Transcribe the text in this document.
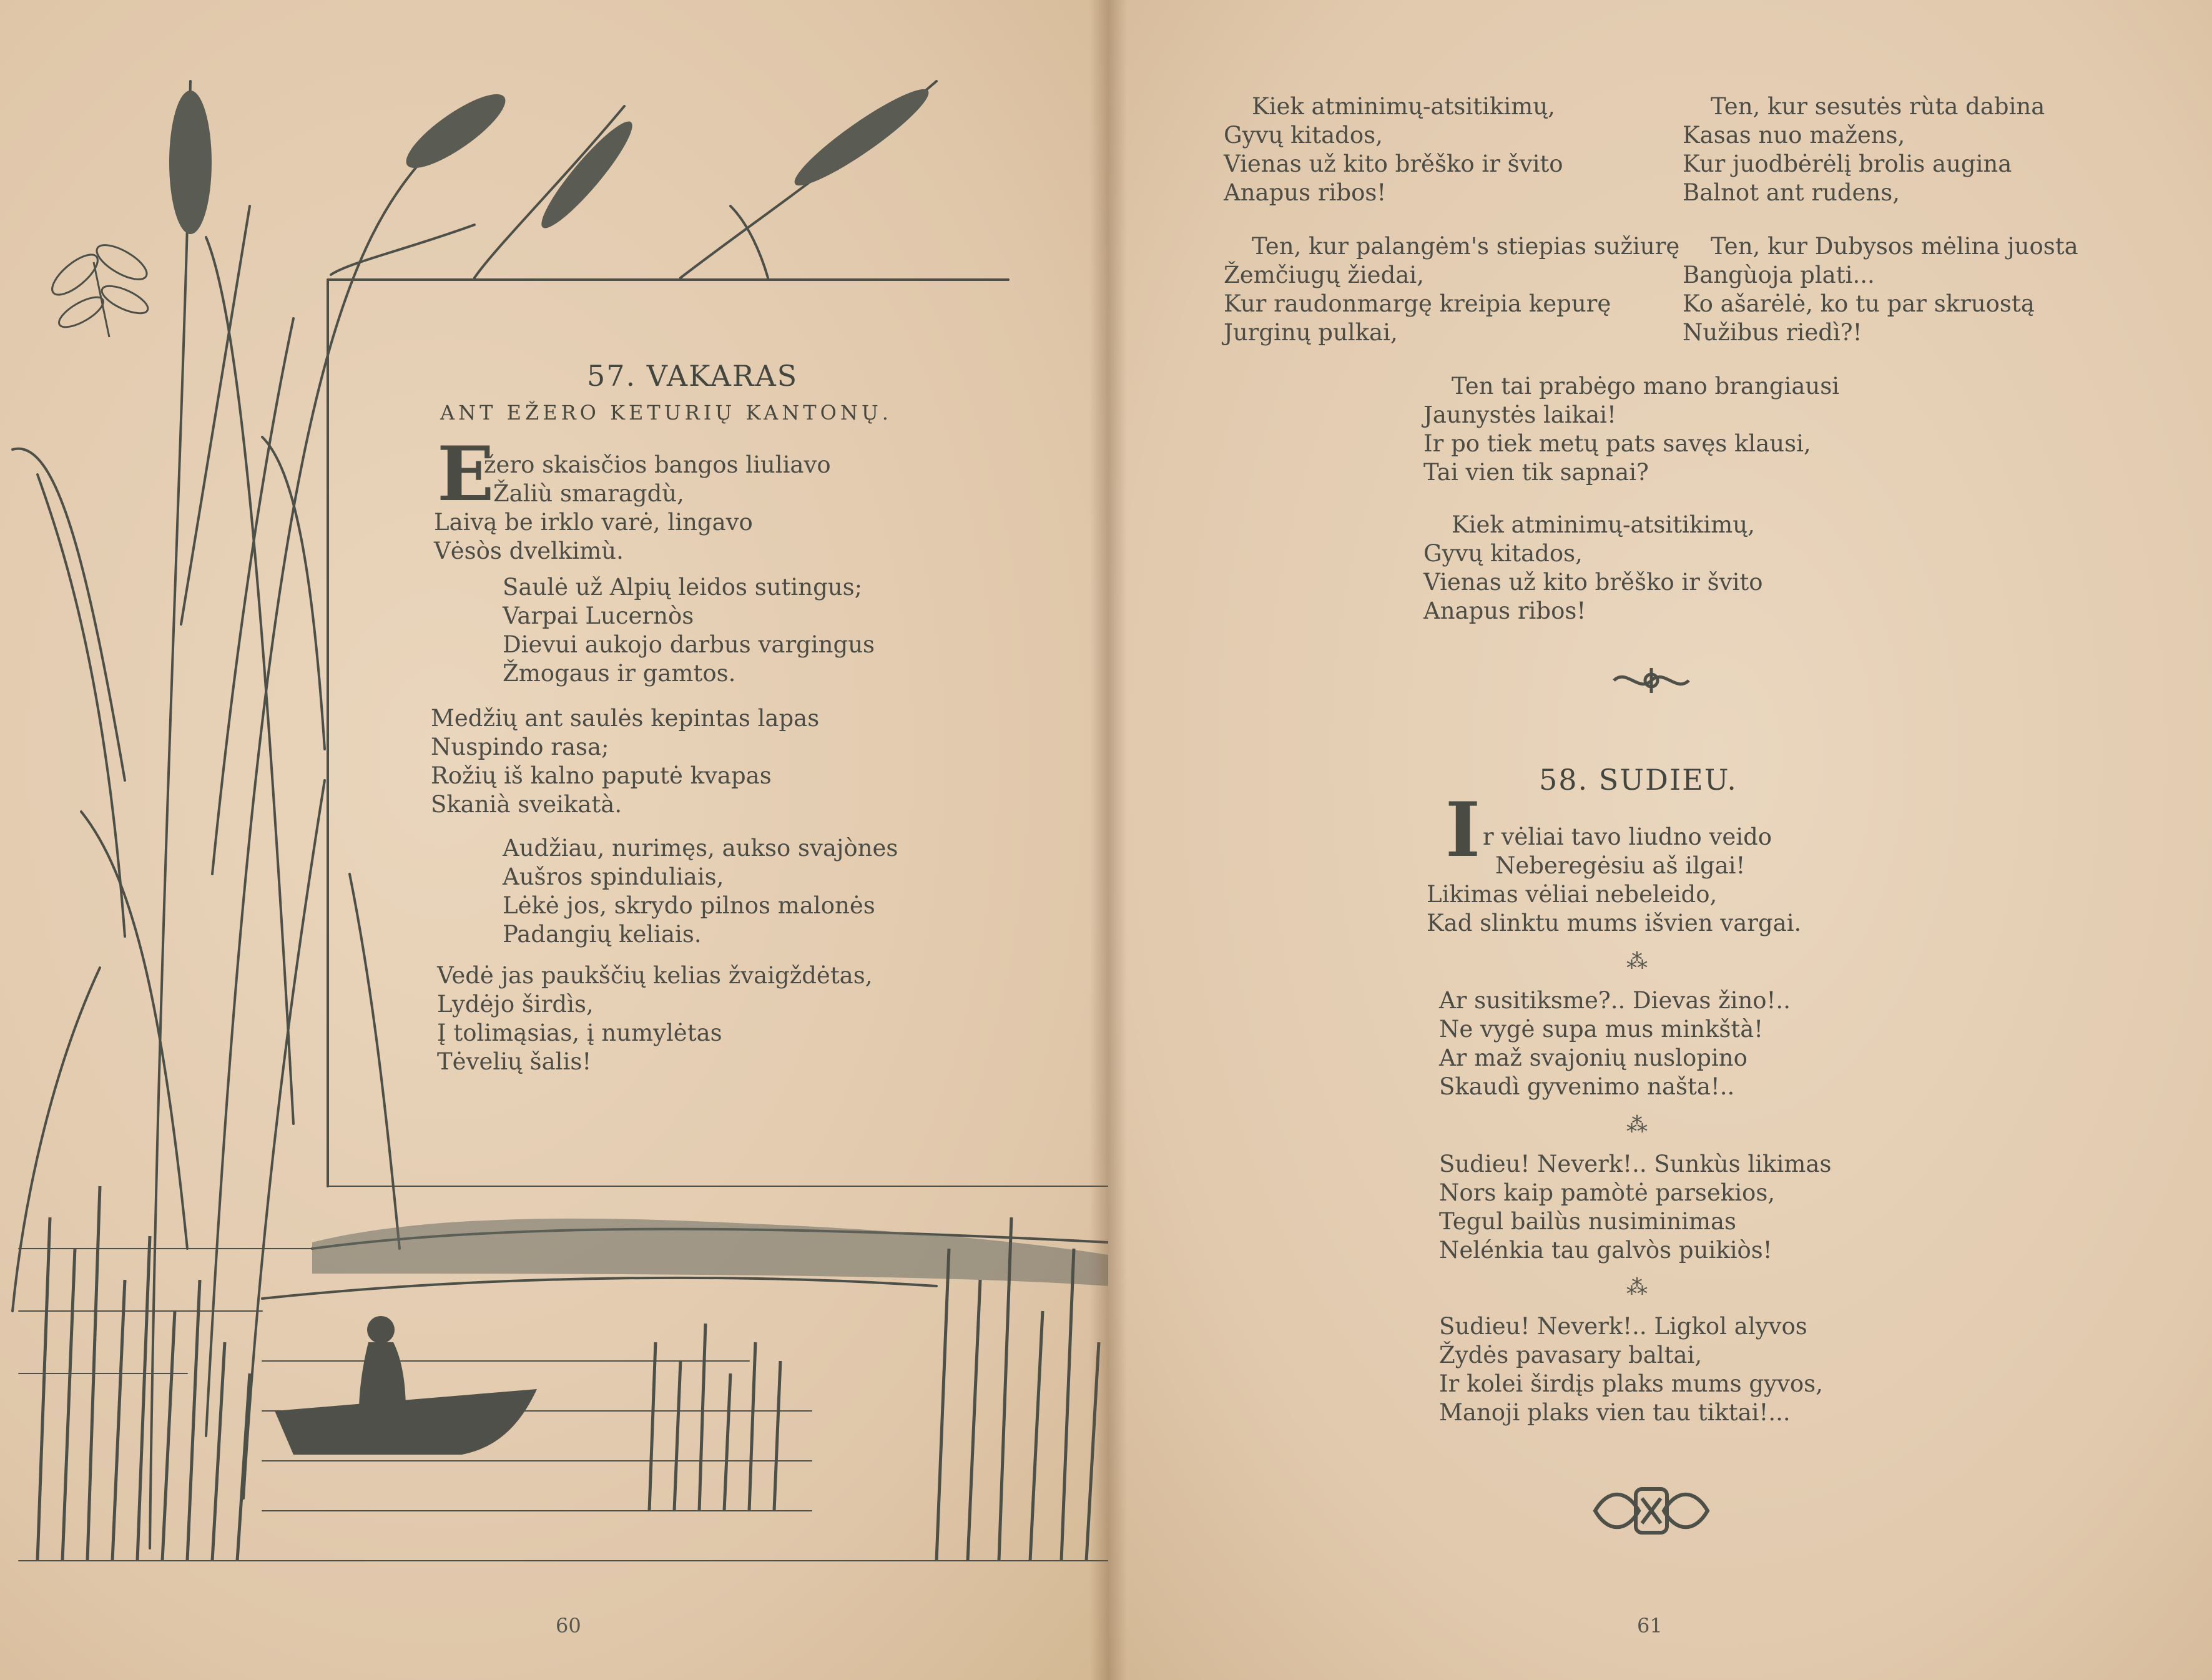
57. VAKARAS
ANT EŽERO KETURIŲ KANTONŲ.
E
žero skaisčios bangos liuliavo
Žaliù smaragdù,
Laivą be irklo varė, lingavo
Vėsòs dvelkimù.
Saulė už Alpių leidos sutingus;
Varpai Lucernòs
Dievui aukojo darbus vargingus
Žmogaus ir gamtos.
Medžių ant saulės kepintas lapas
Nuspindo rasa;
Rožių iš kalno paputė kvapas
Skanià sveikatà.
Audžiau, nurimęs, aukso svajònes
Aušros spinduliais,
Lėkė jos, skrydo pilnos malonės
Padangių keliais.
Vedė jas paukščių kelias žvaigždėtas,
Lydėjo širdìs,
Į tolimąsias, į numylėtas
Tėvelių šalis!
60
Kiek atminimų-atsitikimų,
Gyvų kitados,
Vienas už kito brěško ir švito
Anapus ribos!
Ten, kur palangėm's stiepias sužiurę
Žemčiugų žiedai,
Kur raudonmargę kreipia kepurę
Jurginų pulkai,
Ten, kur sesutės rùta dabina
Kasas nuo mažens,
Kur juodbėrėlį brolis augina
Balnot ant rudens,
Ten, kur Dubysos mėlina juosta
Bangùoja plati...
Ko ašarėlė, ko tu par skruostą
Nužibus riedì?!
Ten tai prabėgo mano brangiausi
Jaunystės laikai!
Ir po tiek metų pats savęs klausi,
Tai vien tik sapnai?
Kiek atminimų-atsitikimų,
Gyvų kitados,
Vienas už kito brěško ir švito
Anapus ribos!
58. SUDIEU.
I r vėliai tavo liudno veido
Neberegėsiu aš ilgai!
Likimas vėliai nebeleido,
Kad slinktu mums išvien vargai.
⁂
Ar susitiksme?.. Dievas žino!..
Ne vygė supa mus minkštà!
Ar maž svajonių nuslopino
Skaudì gyvenimo našta!..
⁂
Sudieu! Neverk!.. Sunkùs likimas
Nors kaip pamòtė parsekios,
Tegul bailùs nusiminimas
Nelénkia tau galvòs puikiòs!
⁂
Sudieu! Neverk!.. Ligkol alyvos
Žydės pavasary baltai,
Ir kolei širdįs plaks mums gyvos,
Manoji plaks vien tau tiktai!...
61
